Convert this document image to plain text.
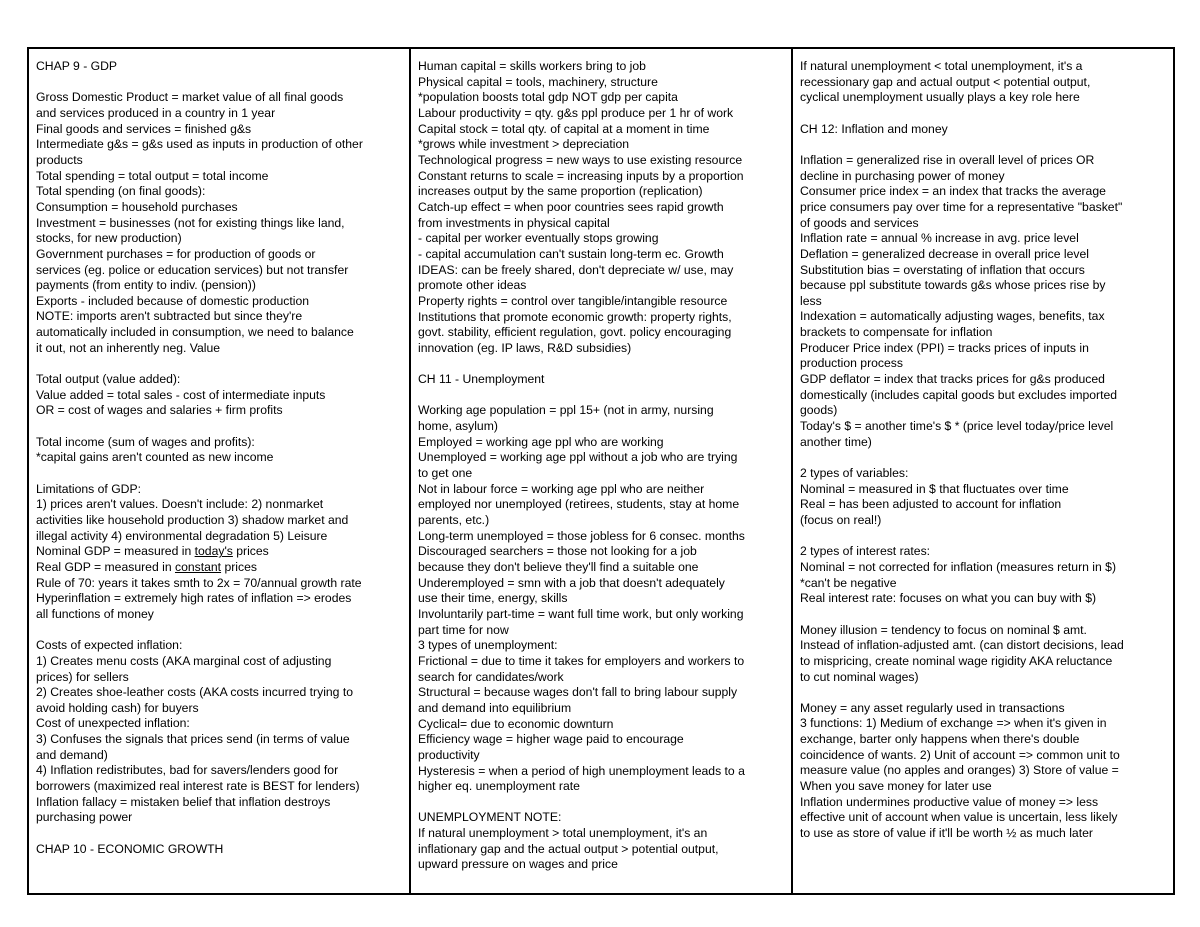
CHAP 9 - GDP
Gross Domestic Product = market value of all final goods
and services produced in a country in 1 year
Final goods and services = finished g&s
Intermediate g&s = g&s used as inputs in production of other
products
Total spending = total output = total income
Total spending (on final goods):
Consumption = household purchases
Investment = businesses (not for existing things like land,
stocks, for new production)
Government purchases = for production of goods or
services (eg. police or education services) but not transfer
payments (from entity to indiv. (pension))
Exports - included because of domestic production
NOTE: imports aren't subtracted but since they're
automatically included in consumption, we need to balance
it out, not an inherently neg. Value
Total output (value added):
Value added = total sales - cost of intermediate inputs
OR = cost of wages and salaries + firm profits
Total income (sum of wages and profits):
*capital gains aren't counted as new income
Limitations of GDP:
1) prices aren't values. Doesn't include: 2) nonmarket
activities like household production 3) shadow market and
illegal activity 4) environmental degradation 5) Leisure
Nominal GDP = measured in today's prices
Real GDP = measured in constant prices
Rule of 70: years it takes smth to 2x = 70/annual growth rate
Hyperinflation = extremely high rates of inflation => erodes
all functions of money
Costs of expected inflation:
1) Creates menu costs (AKA marginal cost of adjusting
prices) for sellers
2) Creates shoe-leather costs (AKA costs incurred trying to
avoid holding cash) for buyers
Cost of unexpected inflation:
3) Confuses the signals that prices send (in terms of value
and demand)
4) Inflation redistributes, bad for savers/lenders good for
borrowers (maximized real interest rate is BEST for lenders)
Inflation fallacy = mistaken belief that inflation destroys
purchasing power
CHAP 10 - ECONOMIC GROWTH
Human capital = skills workers bring to job
Physical capital = tools, machinery, structure
*population boosts total gdp NOT gdp per capita
Labour productivity = qty. g&s ppl produce per 1 hr of work
Capital stock = total qty. of capital at a moment in time
*grows while investment > depreciation
Technological progress = new ways to use existing resource
Constant returns to scale = increasing inputs by a proportion
increases output by the same proportion (replication)
Catch-up effect = when poor countries sees rapid growth
from investments in physical capital
- capital per worker eventually stops growing
- capital accumulation can't sustain long-term ec. Growth
IDEAS: can be freely shared, don't depreciate w/ use, may
promote other ideas
Property rights = control over tangible/intangible resource
Institutions that promote economic growth: property rights,
govt. stability, efficient regulation, govt. policy encouraging
innovation (eg. IP laws, R&D subsidies)
CH 11 - Unemployment
Working age population = ppl 15+ (not in army, nursing
home, asylum)
Employed = working age ppl who are working
Unemployed = working age ppl without a job who are trying
to get one
Not in labour force = working age ppl who are neither
employed nor unemployed (retirees, students, stay at home
parents, etc.)
Long-term unemployed = those jobless for 6 consec. months
Discouraged searchers = those not looking for a job
because they don't believe they'll find a suitable one
Underemployed = smn with a job that doesn't adequately
use their time, energy, skills
Involuntarily part-time = want full time work, but only working
part time for now
3 types of unemployment:
Frictional = due to time it takes for employers and workers to
search for candidates/work
Structural = because wages don't fall to bring labour supply
and demand into equilibrium
Cyclical= due to economic downturn
Efficiency wage = higher wage paid to encourage
productivity
Hysteresis = when a period of high unemployment leads to a
higher eq. unemployment rate
UNEMPLOYMENT NOTE:
If natural unemployment > total unemployment, it's an
inflationary gap and the actual output > potential output,
upward pressure on wages and price
If natural unemployment < total unemployment, it's a
recessionary gap and actual output < potential output,
cyclical unemployment usually plays a key role here
CH 12: Inflation and money
Inflation = generalized rise in overall level of prices OR
decline in purchasing power of money
Consumer price index = an index that tracks the average
price consumers pay over time for a representative "basket"
of goods and services
Inflation rate = annual % increase in avg. price level
Deflation = generalized decrease in overall price level
Substitution bias = overstating of inflation that occurs
because ppl substitute towards g&s whose prices rise by
less
Indexation = automatically adjusting wages, benefits, tax
brackets to compensate for inflation
Producer Price index (PPI) = tracks prices of inputs in
production process
GDP deflator = index that tracks prices for g&s produced
domestically (includes capital goods but excludes imported
goods)
Today's $ = another time's $ * (price level today/price level
another time)
2 types of variables:
Nominal = measured in $ that fluctuates over time
Real = has been adjusted to account for inflation
(focus on real!)
2 types of interest rates:
Nominal = not corrected for inflation (measures return in $)
*can't be negative
Real interest rate: focuses on what you can buy with $)
Money illusion = tendency to focus on nominal $ amt.
Instead of inflation-adjusted amt. (can distort decisions, lead
to mispricing, create nominal wage rigidity AKA reluctance
to cut nominal wages)
Money = any asset regularly used in transactions
3 functions: 1) Medium of exchange => when it's given in
exchange, barter only happens when there's double
coincidence of wants. 2) Unit of account => common unit to
measure value (no apples and oranges) 3) Store of value =
When you save money for later use
Inflation undermines productive value of money => less
effective unit of account when value is uncertain, less likely
to use as store of value if it'll be worth ½ as much later
